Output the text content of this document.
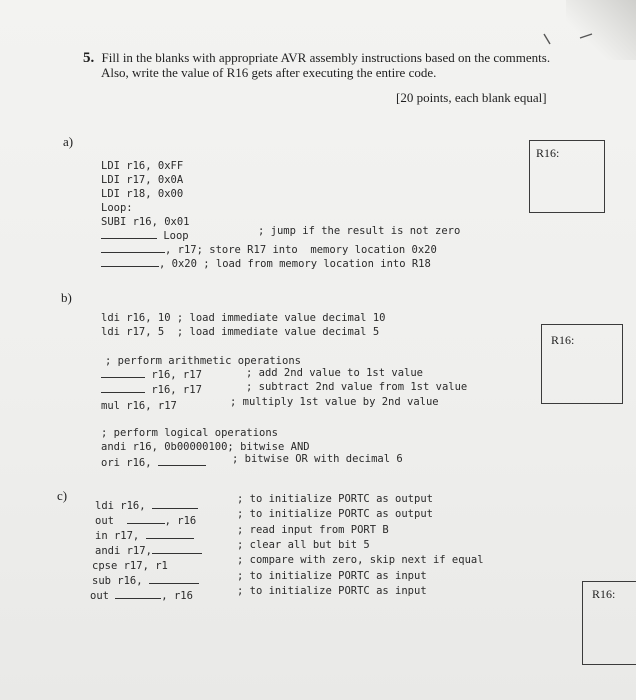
5. Fill in the blanks with appropriate AVR assembly instructions based on the comments.
Also, write the value of R16 gets after executing the entire code.
[20 points, each blank equal]
a)
R16:
LDI r16, 0xFF
LDI r17, 0x0A
LDI r18, 0x00
Loop:
SUBI r16, 0x01
Loop	; jump if the result is not zero
, r17; store R17 into  memory location 0x20
, 0x20 ; load from memory location into R18
b)
R16:
ldi r16, 10 ; load immediate value decimal 10
ldi r17, 5  ; load immediate value decimal 5
; perform arithmetic operations
r16, r17	; add 2nd value to 1st value
r16, r17	; subtract 2nd value from 1st value
mul r16, r17	; multiply 1st value by 2nd value
; perform logical operations
andi r16, 0b00000100; bitwise AND
ori r16,	; bitwise OR with decimal 6
c)
R16:
ldi r16,
; to initialize PORTC as output
out	, r16
; to initialize PORTC as output
in r17,	; read input from PORT B
andi r17,	; clear all but bit 5
cpse r17, r1	; compare with zero, skip next if equal
sub r16,	; to initialize PORTC as input
out	, r16	; to initialize PORTC as input
